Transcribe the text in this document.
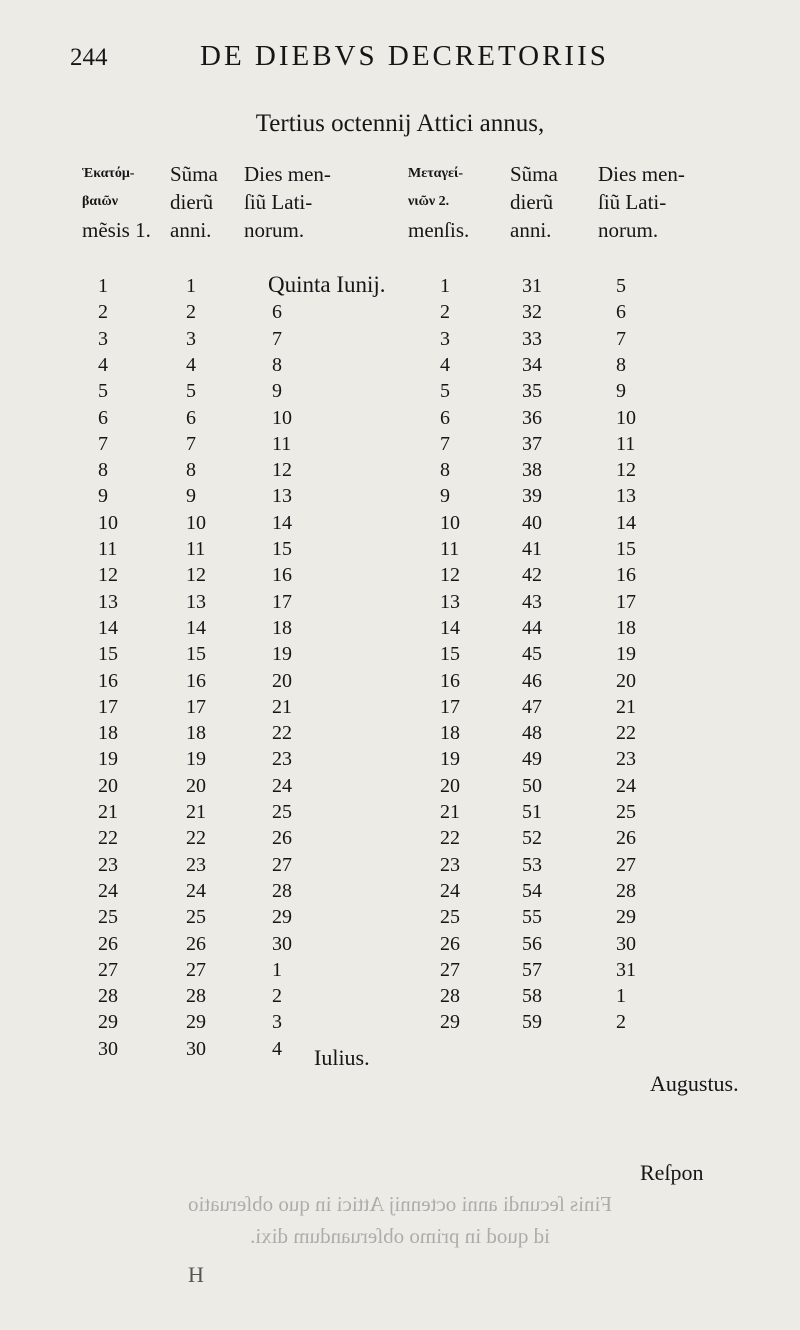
244	DE DIEBVS DECRETORIIS
Tertius octennij Attici annus,
Ἑκατόμ-
βαιῶν
mẽsis 1.
Sũma
dierũ
anni.
Dies men-
ſiũ Lati-
norum.
Μεταγεί-
νιῶν 2.
menſis.
Sũma
dierũ
anni.
Dies men-
ſiũ Lati-
norum.
1
2
3
4
5
6
7
8
9
10
11
12
13
14
15
16
17
18
19
20
21
22
23
24
25
26
27
28
29
30
1
2
3
4
5
6
7
8
9
10
11
12
13
14
15
16
17
18
19
20
21
22
23
24
25
26
27
28
29
30
6
7
8
9
10
11
12
13
14
15
16
17
18
19
20
21
22
23
24
25
26
27
28
29
30
1
2
3
4
1
2
3
4
5
6
7
8
9
10
11
12
13
14
15
16
17
18
19
20
21
22
23
24
25
26
27
28
29
31
32
33
34
35
36
37
38
39
40
41
42
43
44
45
46
47
48
49
50
51
52
53
54
55
56
57
58
59
5
6
7
8
9
10
11
12
13
14
15
16
17
18
19
20
21
22
23
24
25
26
27
28
29
30
31
1
2
Quinta Iunij.
Iulius.
Augustus.
Reſpon
Finis ſecundi anni octennij Attici in quo obſeruatio
id quod in primo obſeruandum dixi.
H
